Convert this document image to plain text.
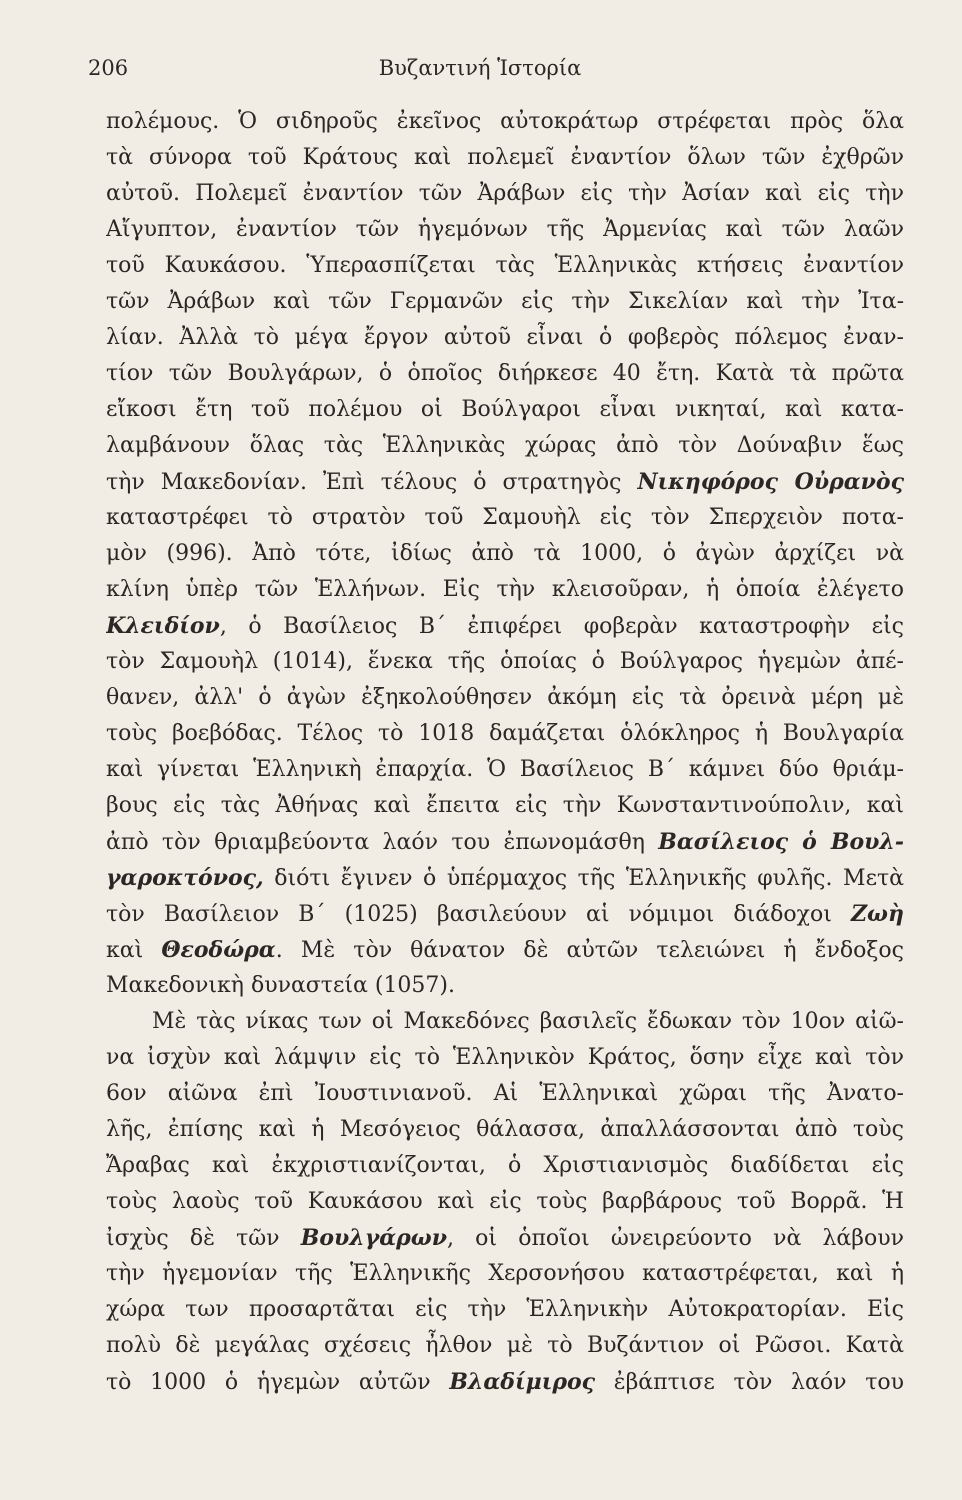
206	Βυζαντινή Ἱστορία
πολέμους. Ὁ σιδηροῦς ἐκεῖνος αὐτοκράτωρ στρέφεται πρὸς ὅλα
τὰ σύνορα τοῦ Κράτους καὶ πολεμεῖ ἐναντίον ὅλων τῶν ἐχθρῶν
αὐτοῦ. Πολεμεῖ ἐναντίον τῶν Ἀράβων εἰς τὴν Ἀσίαν καὶ εἰς τὴν
Αἴγυπτον, ἐναντίον τῶν ἡγεμόνων τῆς Ἀρμενίας καὶ τῶν λαῶν
τοῦ Καυκάσου. Ὑπερασπίζεται τὰς Ἑλληνικὰς κτήσεις ἐναντίον
τῶν Ἀράβων καὶ τῶν Γερμανῶν εἰς τὴν Σικελίαν καὶ τὴν Ἰτα-
λίαν. Ἀλλὰ τὸ μέγα ἔργον αὐτοῦ εἶναι ὁ φοβερὸς πόλεμος ἐναν-
τίον τῶν Βουλγάρων, ὁ ὁποῖος διήρκεσε 40 ἔτη. Κατὰ τὰ πρῶτα
εἴκοσι ἔτη τοῦ πολέμου οἱ Βούλγαροι εἶναι νικηταί, καὶ κατα-
λαμβάνουν ὅλας τὰς Ἑλληνικὰς χώρας ἀπὸ τὸν Δούναβιν ἕως
τὴν Μακεδονίαν. Ἐπὶ τέλους ὁ στρατηγὸς Νικηφόρος Οὐρανὸς
καταστρέφει τὸ στρατὸν τοῦ Σαμουὴλ εἰς τὸν Σπερχειὸν ποτα-
μὸν (996). Ἀπὸ τότε, ἰδίως ἀπὸ τὰ 1000, ὁ ἀγὼν ἀρχίζει νὰ
κλίνη ὑπὲρ τῶν Ἑλλήνων. Εἰς τὴν κλεισοῦραν, ἡ ὁποία ἐλέγετο
Κλειδίον, ὁ Βασίλειος Β΄ ἐπιφέρει φοβερὰν καταστροφὴν εἰς
τὸν Σαμουὴλ (1014), ἕνεκα τῆς ὁποίας ὁ Βούλγαρος ἡγεμὼν ἀπέ-
θανεν, ἀλλ' ὁ ἀγὼν ἐξηκολούθησεν ἀκόμη εἰς τὰ ὀρεινὰ μέρη μὲ
τοὺς βοεβόδας. Τέλος τὸ 1018 δαμάζεται ὁλόκληρος ἡ Βουλγαρία
καὶ γίνεται Ἑλληνικὴ ἐπαρχία. Ὁ Βασίλειος Β΄ κάμνει δύο θριάμ-
βους εἰς τὰς Ἀθήνας καὶ ἔπειτα εἰς τὴν Κωνσταντινούπολιν, καὶ
ἀπὸ τὸν θριαμβεύοντα λαόν του ἐπωνομάσθη Βασίλειος ὁ Βουλ-
γαροκτόνος, διότι ἔγινεν ὁ ὑπέρμαχος τῆς Ἑλληνικῆς φυλῆς. Μετὰ
τὸν Βασίλειον Β΄ (1025) βασιλεύουν αἱ νόμιμοι διάδοχοι Ζωὴ
καὶ Θεοδώρα. Μὲ τὸν θάνατον δὲ αὐτῶν τελειώνει ἡ ἔνδοξος
Μακεδονικὴ δυναστεία (1057).
Μὲ τὰς νίκας των οἱ Μακεδόνες βασιλεῖς ἔδωκαν τὸν 10ον αἰῶ-
να ἰσχὺν καὶ λάμψιν εἰς τὸ Ἑλληνικὸν Κράτος, ὅσην εἶχε καὶ τὸν
6ον αἰῶνα ἐπὶ Ἰουστινιανοῦ. Αἱ Ἑλληνικαὶ χῶραι τῆς Ἀνατο-
λῆς, ἐπίσης καὶ ἡ Μεσόγειος θάλασσα, ἀπαλλάσσονται ἀπὸ τοὺς
Ἄραβας καὶ ἐκχριστιανίζονται, ὁ Χριστιανισμὸς διαδίδεται εἰς
τοὺς λαοὺς τοῦ Καυκάσου καὶ εἰς τοὺς βαρβάρους τοῦ Βορρᾶ. Ἡ
ἰσχὺς δὲ τῶν Βουλγάρων, οἱ ὁποῖοι ὠνειρεύοντο νὰ λάβουν
τὴν ἡγεμονίαν τῆς Ἑλληνικῆς Χερσονήσου καταστρέφεται, καὶ ἡ
χώρα των προσαρτᾶται εἰς τὴν Ἑλληνικὴν Αὐτοκρατορίαν. Εἰς
πολὺ δὲ μεγάλας σχέσεις ἦλθον μὲ τὸ Βυζάντιον οἱ Ρῶσοι. Κατὰ
τὸ 1000 ὁ ἡγεμὼν αὐτῶν Βλαδίμιρος ἐβάπτισε τὸν λαόν του
